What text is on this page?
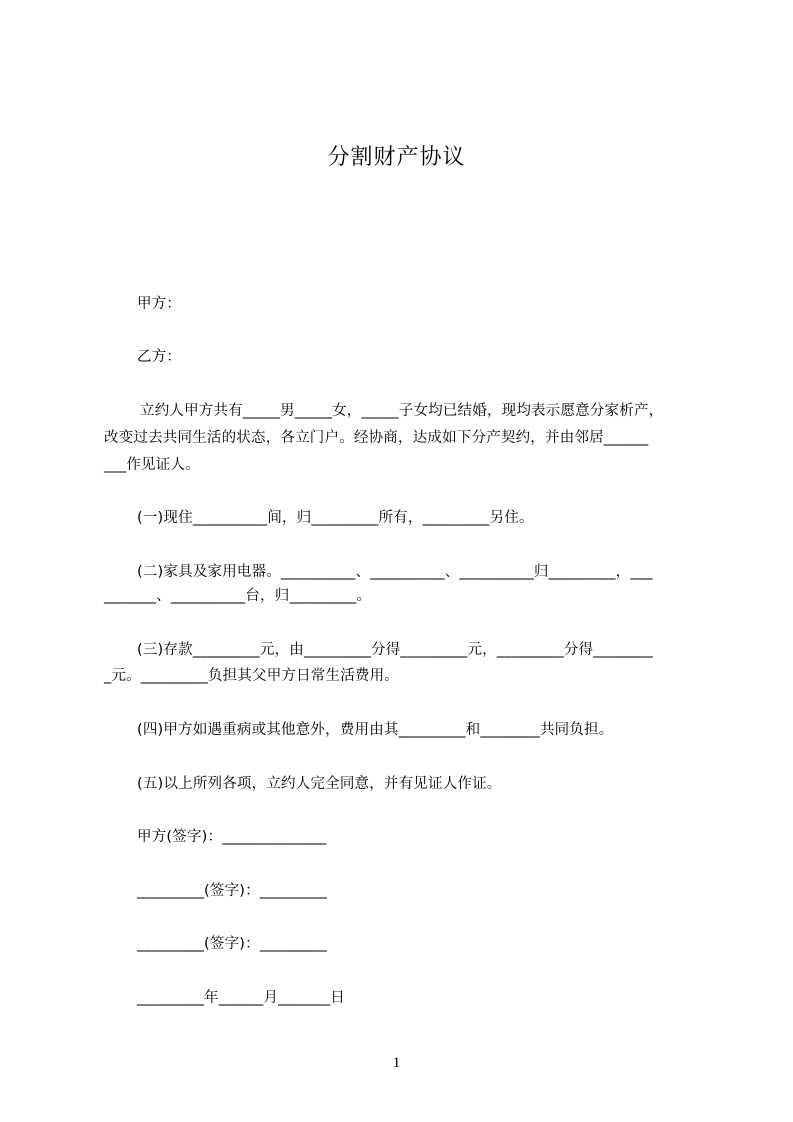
分割财产协议
甲方：
乙方：
立约人甲方共有_____男_____女，_____子女均已结婚，现均表示愿意分家析产，
改变过去共同生活的状态，各立门户。经协商，达成如下分产契约，并由邻居______
___作见证人。
(一)现住__________间，归_________所有，_________另住。
(二)家具及家用电器。__________、__________、__________归_________，___
_______、__________台，归_________。
(三)存款_________元，由_________分得_________元，_________分得________
_元。_________负担其父甲方日常生活费用。
(四)甲方如遇重病或其他意外，费用由其_________和________共同负担。
(五)以上所列各项，立约人完全同意，并有见证人作证。
甲方(签字)：______________
_________(签字)：_________
_________(签字)：_________
_________年______月_______日
1
